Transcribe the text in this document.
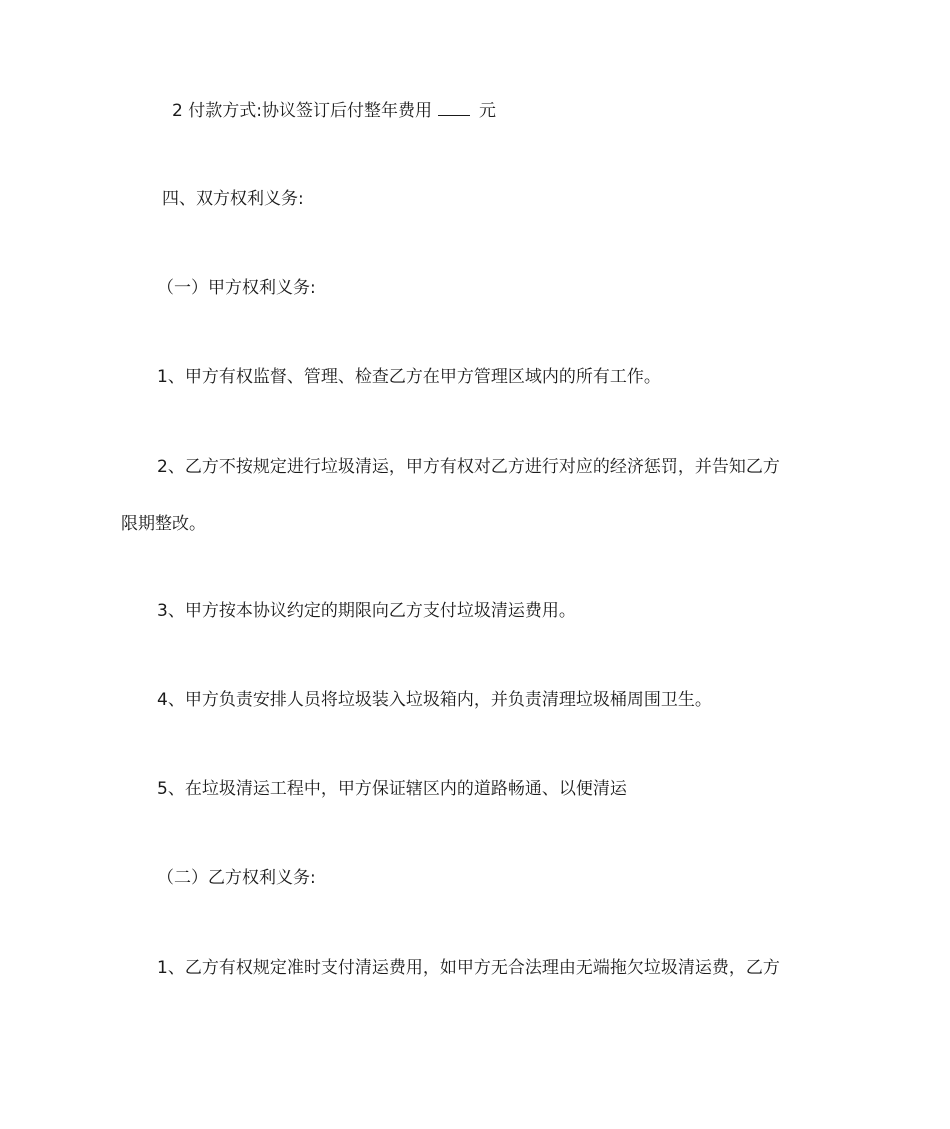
2 付款方式:协议签订后付整年费用	元
四、双方权利义务:
（一）甲方权利义务:
1、甲方有权监督、管理、检查乙方在甲方管理区域内的所有工作。
2、乙方不按规定进行垃圾清运，甲方有权对乙方进行对应的经济惩罚，并告知乙方
限期整改。
3、甲方按本协议约定的期限向乙方支付垃圾清运费用。
4、甲方负责安排人员将垃圾装入垃圾箱内，并负责清理垃圾桶周围卫生。
5、在垃圾清运工程中，甲方保证辖区内的道路畅通、以便清运
（二）乙方权利义务:
1、乙方有权规定准时支付清运费用，如甲方无合法理由无端拖欠垃圾清运费，乙方
